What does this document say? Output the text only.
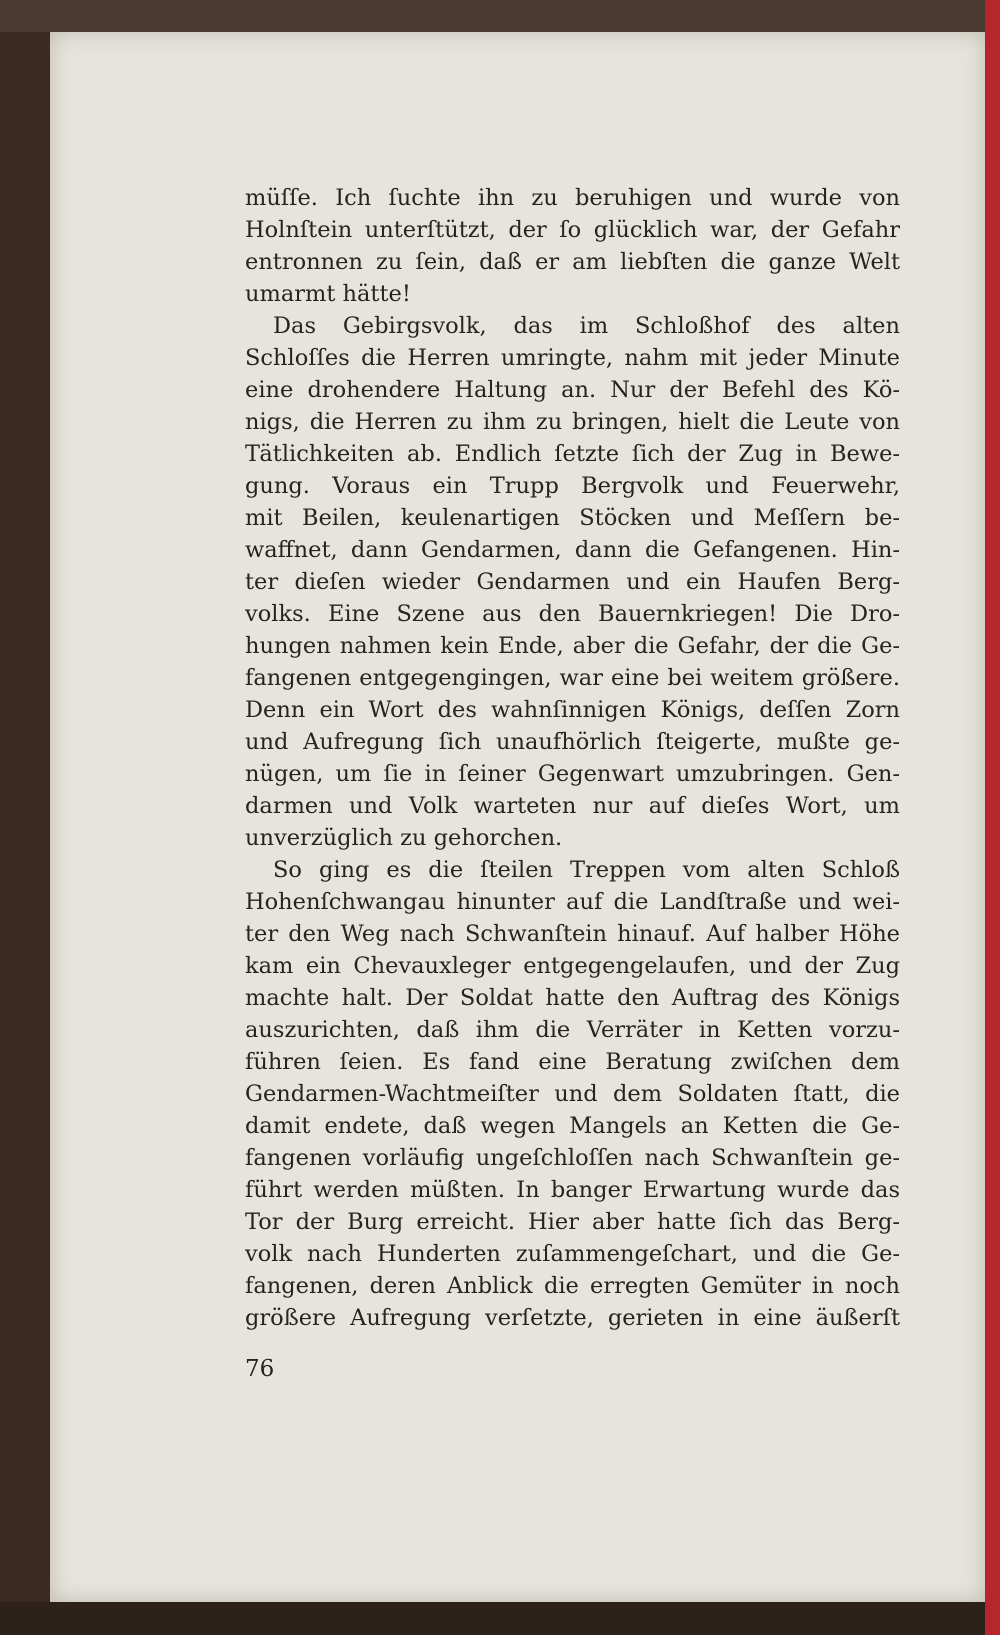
müſſe. Ich ſuchte ihn zu beruhigen und wurde von
Holnſtein unterſtützt, der ſo glücklich war, der Gefahr
entronnen zu ſein, daß er am liebſten die ganze Welt
umarmt hätte!
Das Gebirgsvolk, das im Schloßhof des alten
Schloſſes die Herren umringte, nahm mit jeder Minute
eine drohendere Haltung an. Nur der Befehl des Kö-
nigs, die Herren zu ihm zu bringen, hielt die Leute von
Tätlichkeiten ab. Endlich ſetzte ſich der Zug in Bewe-
gung. Voraus ein Trupp Bergvolk und Feuerwehr,
mit Beilen, keulenartigen Stöcken und Meſſern be-
waffnet, dann Gendarmen, dann die Gefangenen. Hin-
ter dieſen wieder Gendarmen und ein Haufen Berg-
volks. Eine Szene aus den Bauernkriegen! Die Dro-
hungen nahmen kein Ende, aber die Gefahr, der die Ge-
fangenen entgegengingen, war eine bei weitem größere.
Denn ein Wort des wahnſinnigen Königs, deſſen Zorn
und Aufregung ſich unaufhörlich ſteigerte, mußte ge-
nügen, um ſie in ſeiner Gegenwart umzubringen. Gen-
darmen und Volk warteten nur auf dieſes Wort, um
unverzüglich zu gehorchen.
So ging es die ſteilen Treppen vom alten Schloß
Hohenſchwangau hinunter auf die Landſtraße und wei-
ter den Weg nach Schwanſtein hinauf. Auf halber Höhe
kam ein Chevauxleger entgegengelaufen, und der Zug
machte halt. Der Soldat hatte den Auftrag des Königs
auszurichten, daß ihm die Verräter in Ketten vorzu-
führen ſeien. Es fand eine Beratung zwiſchen dem
Gendarmen-Wachtmeiſter und dem Soldaten ſtatt, die
damit endete, daß wegen Mangels an Ketten die Ge-
fangenen vorläufig ungeſchloſſen nach Schwanſtein ge-
führt werden müßten. In banger Erwartung wurde das
Tor der Burg erreicht. Hier aber hatte ſich das Berg-
volk nach Hunderten zuſammengeſchart, und die Ge-
fangenen, deren Anblick die erregten Gemüter in noch
größere Aufregung verſetzte, gerieten in eine äußerſt
76
